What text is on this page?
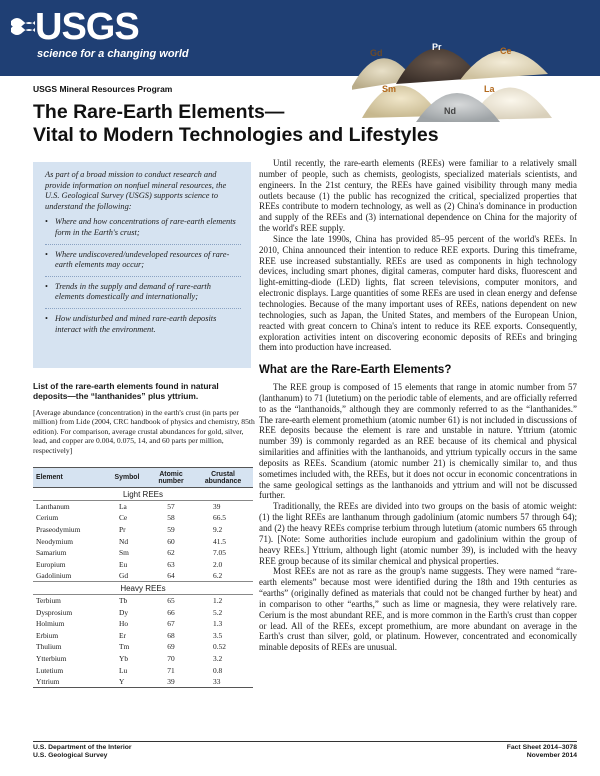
USGS
science for a changing world	Gd
Pr	Ce
Sm	La
Nd
USGS Mineral Resources Program
The Rare-Earth Elements—
Vital to Modern Technologies and Lifestyles

As part of a broad mission to conduct research and provide information on nonfuel mineral resources, the U.S. Geological Survey (USGS) supports science to understand the following:

• Where and how concentrations of rare-earth elements form in the Earth's crust;
• Where undiscovered/undeveloped resources of rare-earth elements may occur;
• Trends in the supply and demand of rare-earth elements domestically and internationally;
• How undisturbed and mined rare-earth deposits interact with the environment.
List of the rare-earth elements found in natural deposits—the “lanthanides” plus yttrium.
[Average abundance (concentration) in the earth's crust (in parts per million) from Lide (2004, CRC handbook of physics and chemistry, 85th edition). For comparison, average crustal abundances for gold, silver, lead, and copper are 0.004, 0.075, 14, and 60 parts per million, respectively]
Element	Symbol	Atomic number	Crustal abundance
Light REEs			
Lanthanum	La	57	39
Cerium	Ce	58	66.5
Praseodymium	Pr	59	9.2
Neodymium	Nd	60	41.5
Samarium	Sm	62	7.05
Europium	Eu	63	2.0
Gadolinium	Gd	64	6.2
Heavy REEs			
Terbium	Tb	65	1.2
Dysprosium	Dy	66	5.2
Holmium	Ho	67	1.3
Erbium	Er	68	3.5
Thulium	Tm	69	0.52
Ytterbium	Yb	70	3.2
Lutetium	Lu	71	0.8
Yttrium	Y	39	33

Until recently, the rare-earth elements (REEs) were familiar to a relatively small number of people, such as chemists, geologists, specialized materials scientists, and engineers. In the 21st century, the REEs have gained visibility through many media outlets because (1) the public has recognized the critical, specialized properties that REEs contribute to modern technology, as well as (2) China's dominance in production and supply of the REEs and (3) international dependence on China for the majority of the world's REE supply.

Since the late 1990s, China has provided 85–95 percent of the world's REEs. In 2010, China announced their intention to reduce REE exports. During this timeframe, REE use increased substantially. REEs are used as components in high technology devices, including smart phones, digital cameras, computer hard disks, fluorescent and light-emitting-diode (LED) lights, flat screen televisions, computer monitors, and electronic displays. Large quantities of some REEs are used in clean energy and defense technologies. Because of the many important uses of REEs, nations dependent on new technologies, such as Japan, the United States, and members of the European Union, reacted with great concern to China's intent to reduce its REE exports. Consequently, exploration activities intent on discovering economic deposits of REEs and bringing them into production have increased.

What are the Rare-Earth Elements?

The REE group is composed of 15 elements that range in atomic number from 57 (lanthanum) to 71 (lutetium) on the periodic table of elements, and are officially referred to as the “lanthanoids,” although they are commonly referred to as the “lanthanides.” The rare-earth element promethium (atomic number 61) is not included in discussions of REE deposits because the element is rare and unstable in nature. Yttrium (atomic number 39) is commonly regarded as an REE because of its chemical and physical similarities and affinities with the lanthanoids, and yttrium typically occurs in the same deposits as REEs. Scandium (atomic number 21) is chemically similar to, and thus sometimes included with, the REEs, but it does not occur in economic concentrations in the same geological settings as the lanthanoids and yttrium and will not be discussed further.

Traditionally, the REEs are divided into two groups on the basis of atomic weight: (1) the light REEs are lanthanum through gadolinium (atomic numbers 57 through 64); and (2) the heavy REEs comprise terbium through lutetium (atomic numbers 65 through 71). [Note: Some authorities include europium and gadolinium within the group of heavy REEs.] Yttrium, although light (atomic number 39), is included with the heavy REE group because of its similar chemical and physical properties.

Most REEs are not as rare as the group's name suggests. They were named “rare-earth elements” because most were identified during the 18th and 19th centuries as “earths” (originally defined as materials that could not be changed further by heat) and in comparison to other “earths,” such as lime or magnesia, they were relatively rare. Cerium is the most abundant REE, and is more common in the Earth's crust than copper or lead. All of the REEs, except promethium, are more abundant on average in the Earth's crust than silver, gold, or platinum. However, concentrated and economically minable deposits of REEs are unusual.

U.S. Department of the Interior
U.S. Geological Survey
Fact Sheet 2014–3078
November 2014
